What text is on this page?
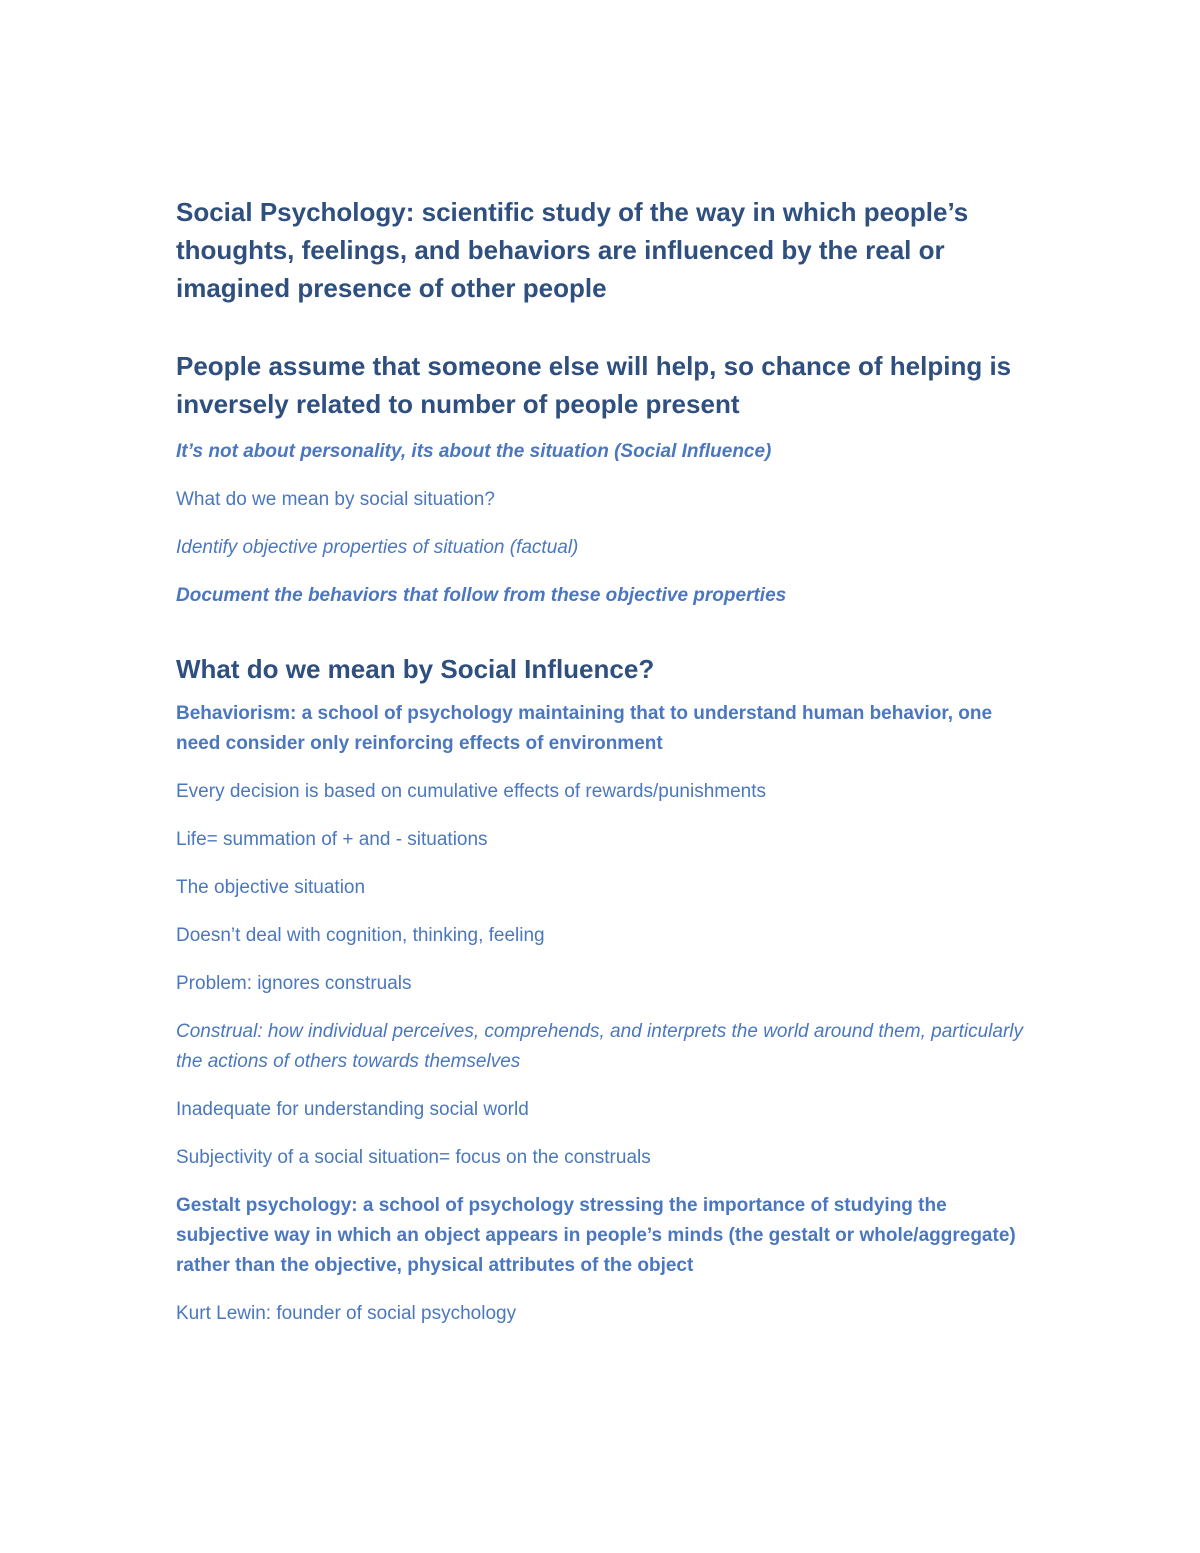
Social Psychology: scientific study of the way in which people’s thoughts, feelings, and behaviors are influenced by the real or imagined presence of other people

People assume that someone else will help, so chance of helping is inversely related to number of people present

It’s not about personality, its about the situation (Social Influence)

What do we mean by social situation?

Identify objective properties of situation (factual)

Document the behaviors that follow from these objective properties

What do we mean by Social Influence?

Behaviorism: a school of psychology maintaining that to understand human behavior, one need consider only reinforcing effects of environment

Every decision is based on cumulative effects of rewards/punishments

Life= summation of + and - situations

The objective situation

Doesn’t deal with cognition, thinking, feeling

Problem: ignores construals

Construal: how individual perceives, comprehends, and interprets the world around them, particularly the actions of others towards themselves

Inadequate for understanding social world

Subjectivity of a social situation= focus on the construals

Gestalt psychology: a school of psychology stressing the importance of studying the subjective way in which an object appears in people’s minds (the gestalt or whole/aggregate) rather than the objective, physical attributes of the object

Kurt Lewin: founder of social psychology
